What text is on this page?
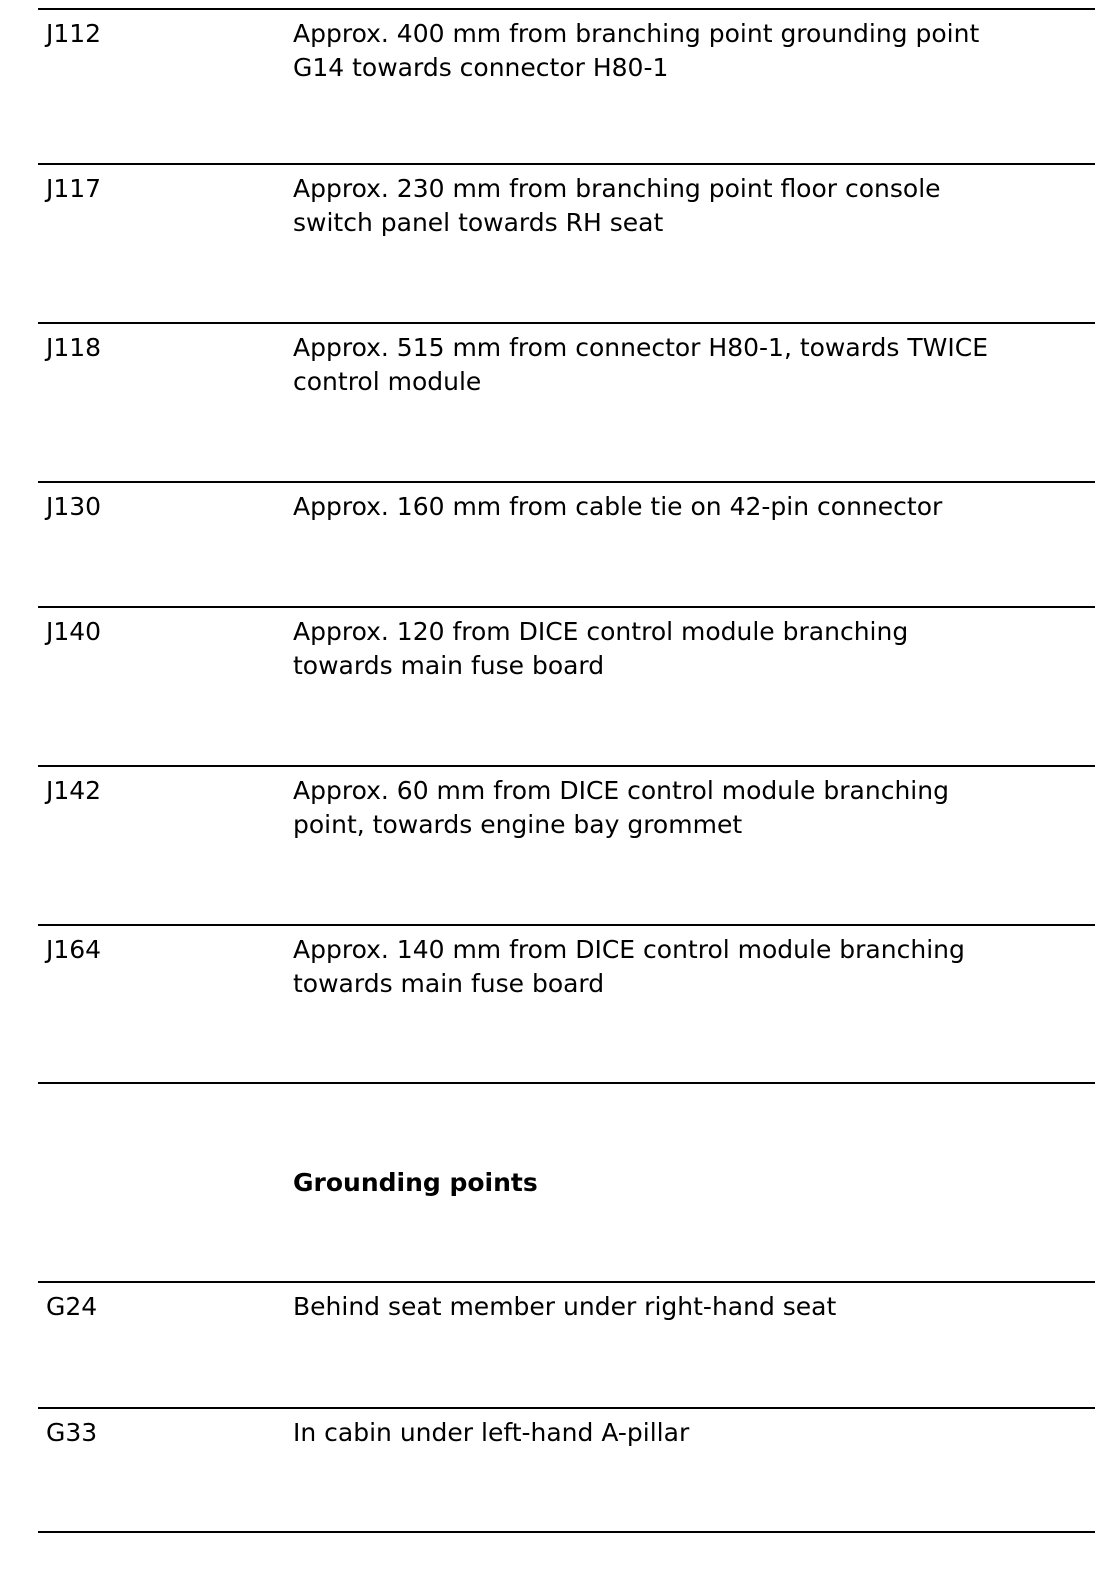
J112	Approx. 400 mm from branching point grounding point
G14 towards connector H80-1
J117	Approx. 230 mm from branching point floor console
switch panel towards RH seat
J118	Approx. 515 mm from connector H80-1, towards TWICE
control module
J130	Approx. 160 mm from cable tie on 42-pin connector
J140	Approx. 120 from DICE control module branching
towards main fuse board
J142	Approx. 60 mm from DICE control module branching
point, towards engine bay grommet
J164	Approx. 140 mm from DICE control module branching
towards main fuse board
Grounding points
G24	Behind seat member under right-hand seat
G33	In cabin under left-hand A-pillar
